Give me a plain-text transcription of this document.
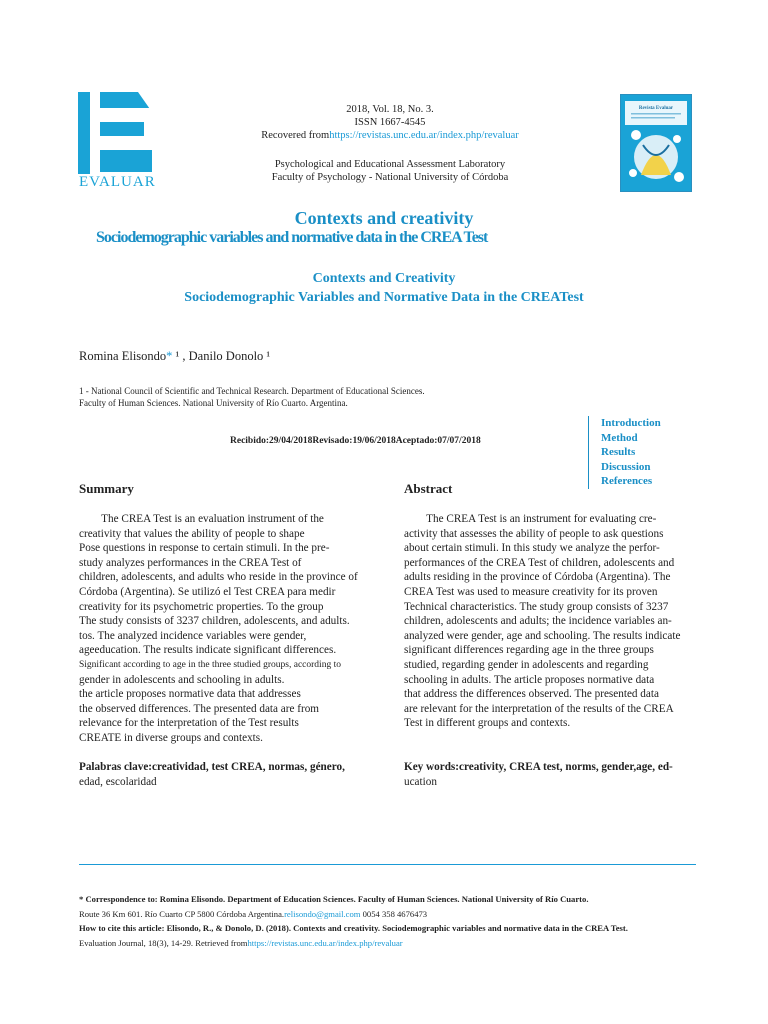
EVALUAR
2018, Vol. 18, No. 3.
ISSN 1667-4545
Recovered fromhttps://revistas.unc.edu.ar/index.php/revaluar
Psychological and Educational Assessment Laboratory
Faculty of Psychology - National University of Córdoba
Revista Evaluar
Contexts and creativity
Sociodemographic variables and normative data in the CREA Test
Contexts and Creativity
Sociodemographic Variables and Normative Data in the CREATest
Romina Elisondo* ¹ , Danilo Donolo ¹
1 - National Council of Scientific and Technical Research. Department of Educational Sciences.
Faculty of Human Sciences. National University of Río Cuarto. Argentina.
Recibido:29/04/2018Revisado:19/06/2018Aceptado:07/07/2018
Introduction
Method
Results
Discussion
References
Summary	Abstract
The CREA Test is an evaluation instrument of the
creativity that values the ability of people to shape
Pose questions in response to certain stimuli. In the pre-
study analyzes performances in the CREA Test of
children, adolescents, and adults who reside in the province of
Córdoba (Argentina). Se utilizó el Test CREA para medir
creativity for its psychometric properties. To the group
The study consists of 3237 children, adolescents, and adults.
tos. The analyzed incidence variables were gender,
ageeducation. The results indicate significant differences.
Significant according to age in the three studied groups, according to
gender in adolescents and schooling in adults.
the article proposes normative data that addresses
the observed differences. The presented data are from
relevance for the interpretation of the Test results
CREATE in diverse groups and contexts.
The CREA Test is an instrument for evaluating cre-
activity that assesses the ability of people to ask questions
about certain stimuli. In this study we analyze the perfor-
performances of the CREA Test of children, adolescents and
adults residing in the province of Córdoba (Argentina). The
CREA Test was used to measure creativity for its proven
Technical characteristics. The study group consists of 3237
children, adolescents and adults; the incidence variables an-
analyzed were gender, age and schooling. The results indicate
significant differences regarding age in the three groups
studied, regarding gender in adolescents and regarding
schooling in adults. The article proposes normative data
that address the differences observed. The presented data
are relevant for the interpretation of the results of the CREA
Test in different groups and contexts.
Palabras clave:creatividad, test CREA, normas, género,
edad, escolaridad
Key words:creativity, CREA test, norms, gender,age, ed-
ucation
* Correspondence to: Romina Elisondo. Department of Education Sciences. Faculty of Human Sciences. National University of Río Cuarto.
Route 36 Km 601. Río Cuarto CP 5800 Córdoba Argentina.relisondo@gmail.com 0054 358 4676473
How to cite this article: Elisondo, R., & Donolo, D. (2018). Contexts and creativity. Sociodemographic variables and normative data in the CREA Test.
Evaluation Journal, 18(3), 14-29. Retrieved fromhttps://revistas.unc.edu.ar/index.php/revaluar
